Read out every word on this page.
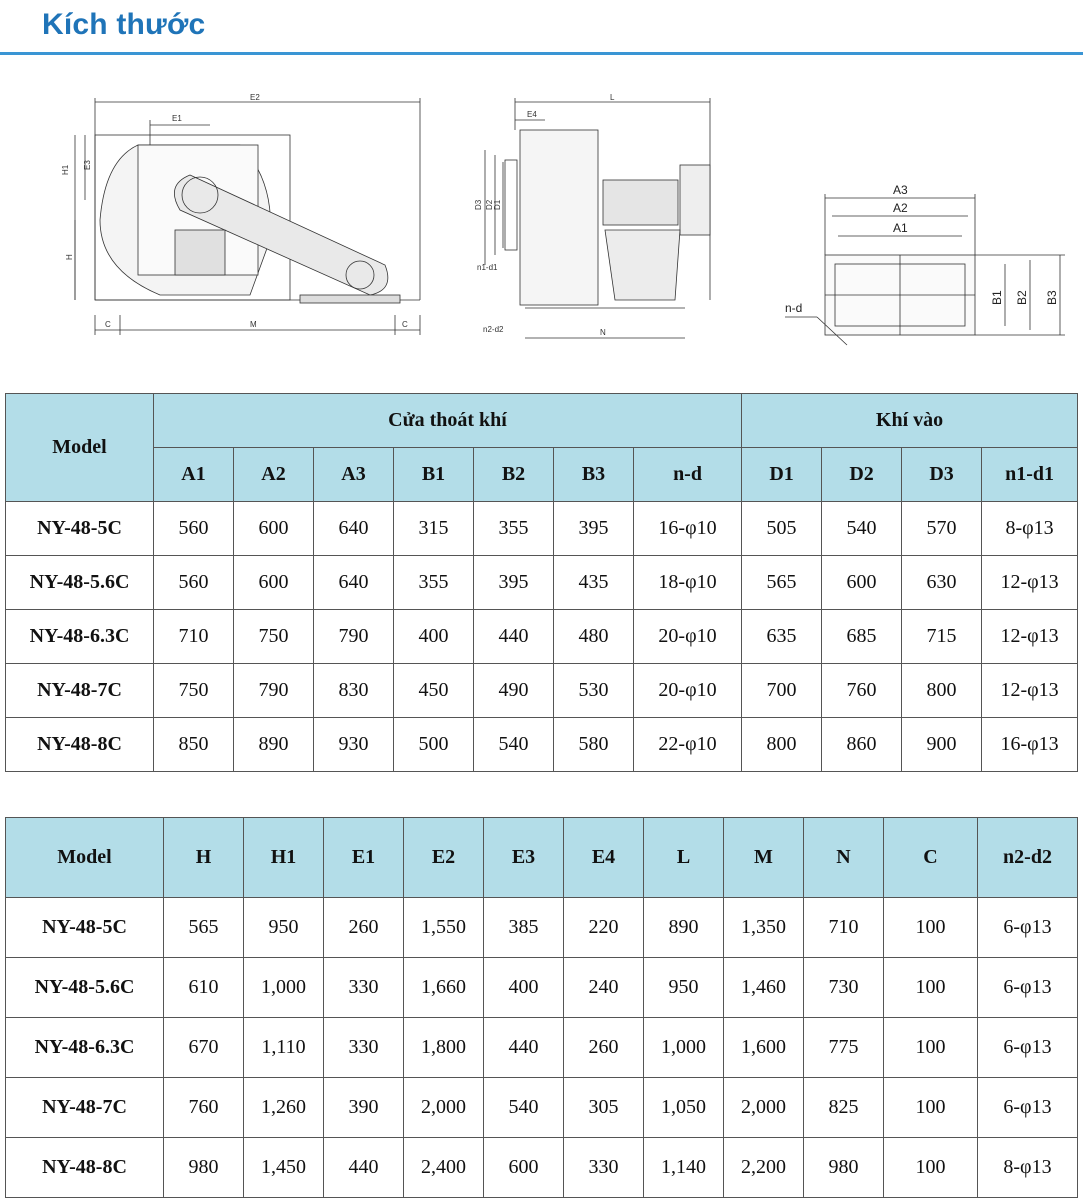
Kích thước
E2
E1
H1
H
E3
C	M	C
L
E4
D3 D2 D1
n1-d1
n2-d2	N
A3
A2
A1
B1 B2 B3
n-d
Model	Cửa thoát khí							Khí vào			
	A1	A2	A3	B1	B2	B3	n-d	D1	D2	D3	n1-d1
NY-48-5C	560	600	640	315	355	395	16-φ10	505	540	570	8-φ13
NY-48-5.6C	560	600	640	355	395	435	18-φ10	565	600	630	12-φ13
NY-48-6.3C	710	750	790	400	440	480	20-φ10	635	685	715	12-φ13
NY-48-7C	750	790	830	450	490	530	20-φ10	700	760	800	12-φ13
NY-48-8C	850	890	930	500	540	580	22-φ10	800	860	900	16-φ13
Model	H	H1	E1	E2	E3	E4	L	M	N	C	n2-d2
NY-48-5C	565	950	260	1,550	385	220	890	1,350	710	100	6-φ13
NY-48-5.6C	610	1,000	330	1,660	400	240	950	1,460	730	100	6-φ13
NY-48-6.3C	670	1,110	330	1,800	440	260	1,000	1,600	775	100	6-φ13
NY-48-7C	760	1,260	390	2,000	540	305	1,050	2,000	825	100	6-φ13
NY-48-8C	980	1,450	440	2,400	600	330	1,140	2,200	980	100	8-φ13
